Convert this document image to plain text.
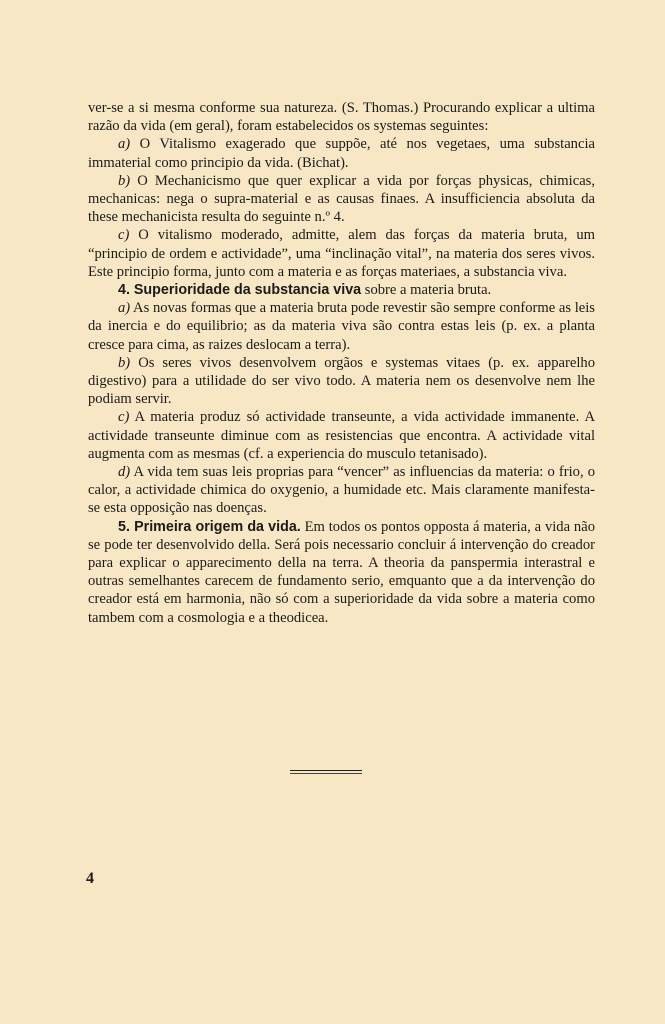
ver-se a si mesma conforme sua natureza. (S. Thomas.) Procurando explicar a ultima razão da vida (em geral), foram estabelecidos os systemas seguintes:

a) O Vitalismo exagerado que suppõe, até nos vegetaes, uma substancia immaterial como principio da vida. (Bichat).

b) O Mechanicismo que quer explicar a vida por forças physicas, chimicas, mechanicas: nega o supra-material e as causas finaes. A insufficiencia absoluta da these mechanicista resulta do seguinte n.º 4.

c) O vitalismo moderado, admitte, alem das forças da materia bruta, um “principio de ordem e actividade”, uma “inclinação vital”, na materia dos seres vivos. Este principio forma, junto com a materia e as forças materiaes, a substancia viva.

4. Superioridade da substancia viva sobre a materia bruta.

a) As novas formas que a materia bruta pode revestir são sempre conforme as leis da inercia e do equilibrio; as da materia viva são contra estas leis (p. ex. a planta cresce para cima, as raizes deslocam a terra).

b) Os seres vivos desenvolvem orgãos e systemas vitaes (p. ex. apparelho digestivo) para a utilidade do ser vivo todo. A materia nem os desenvolve nem lhe podiam servir.

c) A materia produz só actividade transeunte, a vida actividade immanente. A actividade transeunte diminue com as resistencias que encontra. A actividade vital augmenta com as mesmas (cf. a experiencia do musculo tetanisado).

d) A vida tem suas leis proprias para “vencer” as influencias da materia: o frio, o calor, a actividade chimica do oxygenio, a humidade etc. Mais claramente manifesta-se esta opposição nas doenças.

5. Primeira origem da vida. Em todos os pontos opposta á materia, a vida não se pode ter desenvolvido della. Será pois necessario concluir á intervenção do creador para explicar o apparecimento della na terra. A theoria da panspermia interastral e outras semelhantes carecem de fundamento serio, emquanto que a da intervenção do creador está em harmonia, não só com a superioridade da vida sobre a materia como tambem com a cosmologia e a theodicea.

4
